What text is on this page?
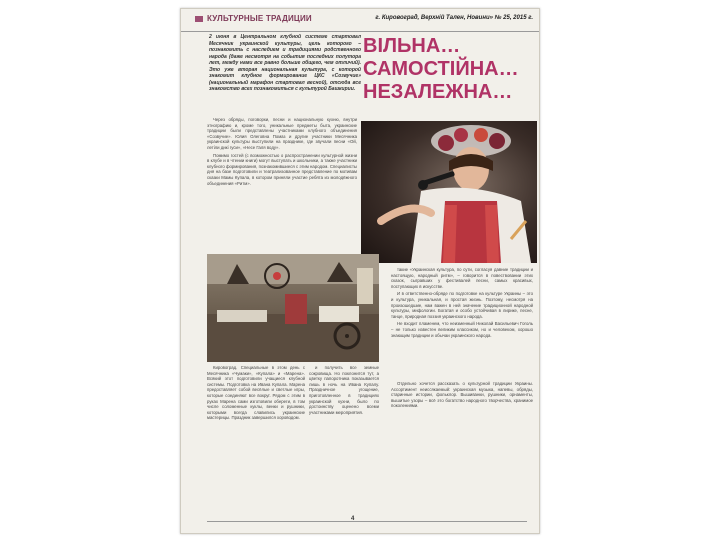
КУЛЬТУРНЫЕ ТРАДИЦИИ	г. Кировоград, Верхній Тален, Новини» № 25, 2015 г.
2 июня в Центральном клубной системе стартовал Месячник украинской культуры, цель которого – познакомить с наследием и традициями родственного народа (даже несмотря на события последних полутора лет, между нами все равно больше общего, чем отличий). Это уже вторая национальная культура, с которой знакомит клубное формирование ЦКС «Созвучие» (национальный марафон стартовал весной), отсюда все знакомство всех познакомиться с культурой Башкирии.
ВІЛЬНА…
САМОСТІЙНА…
НЕЗАЛЕЖНА…

Через обряды, поговорки, песни и национальную кухню, внутри этнографию и, кроме того, уникальные предметы быта, украинские традиции были представлены участниками клубного объединения «Созвучие». Юлия Олеговна Помаз и другие участники Месячника украинской культуры выступили на празднике, где звучали песни «Ой, летіли дикі гуси», «Несе Галя воду».

Помимо гостей (с возможностью о распространении культурной жизни в клубе и в чтении книги) могут выступать и школьники, а также участники клубного формирования, познакомившиеся с этим народом. Специалисты дня на базе подготовили и театрализованное представление по мотивам сказки Мамы Купала, в котором приняли участие ребята из молодёжного объединения «Ритм».

такие «Украинская культура, по сути, согласуя давние традиции и настоящую, народный ритм», – говорится в повествовании этих сказок, сыгравших у фестивалей песни, самых красивых, поступающих в искусстве.

И в ответственно-обряде по подготовке на культуре Украины – это и культура, уникальная, и простая жизнь. Поэтому, несмотря на произошедшие, нам важен в ней значение традиционной народной культуры, мифологии. Богатая и особо устойчивая в лирике, песне, танце, природная поэзия украинского народа.

Не входит пламенем, что неизменный Николай Васильевич Гоголь – не только известен великим классиком, но и человеком, хорошо знающим традиции и обычаи украинского народа.

Кировоград. Специальные в этом день с Месячника «Чумаки», «Купала» и «Марена». Всякий этот подготовили учащиеся клубной системы. Подготовка на Ивана Купала. Марена предоставляет собой весёлые и светлые игры, которые соединяют все вокруг. Рядом с этим в руках Марена сами изготовили обереги, в том числе соломенные куклы, венки и рушники, которыми всегда славились украинские мастерицы. Праздник завершился хороводом.

и получить все земные сокровища. Но поклонится тут, а цветку папоротника показывается лишь в ночь на Ивана Купалу. Праздничное угощение, приготовленное в традициях украинской кухни, было по достоинству оценено всеми участниками мероприятия.

Отдельно хочется рассказать о культурной традиции Украины. Ассортимент неиссякаемый: украинская музыка, напевы, обряды, старинные истории, фольклор. Вышиванки, рушники, орнаменты, вышитые узоры – всё это богатство народного творчества, хранимое поколениями.

4
